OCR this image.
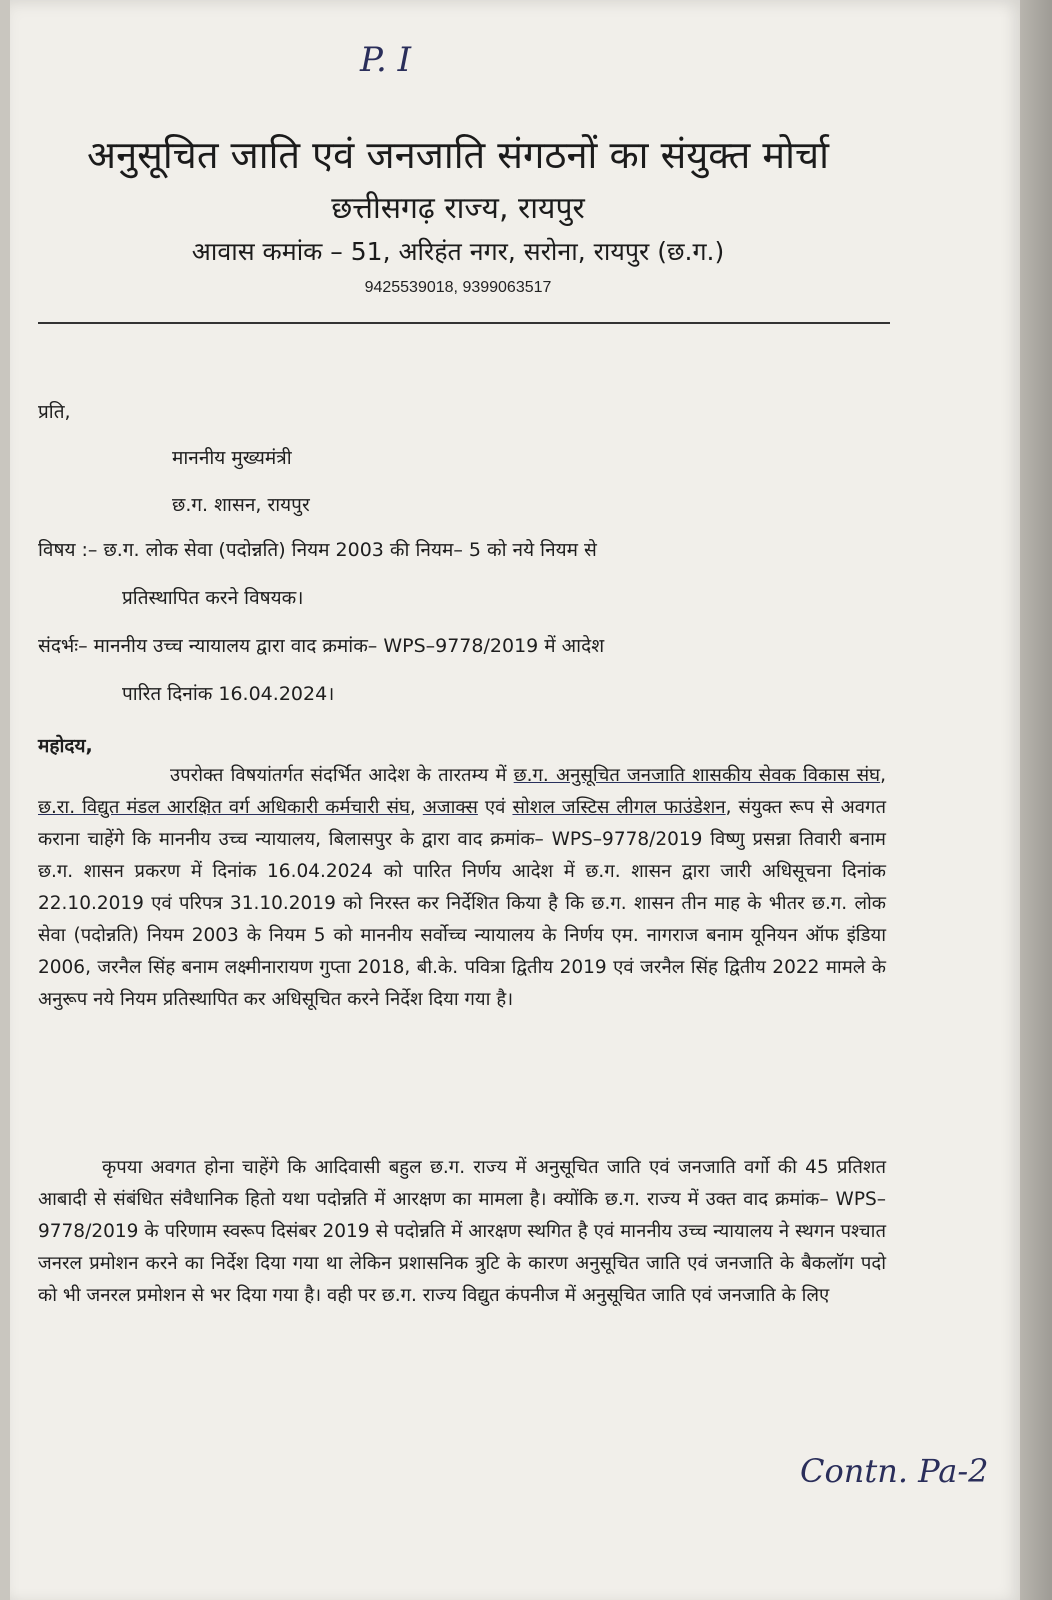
P. I
अनुसूचित जाति एवं जनजाति संगठनों का संयुक्त मोर्चा
छत्तीसगढ़ राज्य, रायपुर
आवास कमांक – 51, अरिहंत नगर, सरोना, रायपुर (छ.ग.)
9425539018, 9399063517
प्रति,
माननीय मुख्यमंत्री
छ.ग. शासन, रायपुर
विषय :– छ.ग. लोक सेवा (पदोन्नति) नियम 2003 की नियम– 5 को नये नियम से
प्रतिस्थापित करने विषयक।
संदर्भः– माननीय उच्च न्यायालय द्वारा वाद क्रमांक– WPS–9778/2019 में आदेश
पारित दिनांक 16.04.2024।
महोदय,
उपरोक्त विषयांतर्गत संदर्भित आदेश के तारतम्य में छ.ग. अनुसूचित जनजाति शासकीय सेवक विकास संघ, छ.रा. विद्युत मंडल आरक्षित वर्ग अधिकारी कर्मचारी संघ, अजाक्स एवं सोशल जस्टिस लीगल फाउंडेशन, संयुक्त रूप से अवगत कराना चाहेंगे कि माननीय उच्च न्यायालय, बिलासपुर के द्वारा वाद क्रमांक– WPS–9778/2019 विष्णु प्रसन्ना तिवारी बनाम छ.ग. शासन प्रकरण में दिनांक 16.04.2024 को पारित निर्णय आदेश में छ.ग. शासन द्वारा जारी अधिसूचना दिनांक 22.10.2019 एवं परिपत्र 31.10.2019 को निरस्त कर निर्देशित किया है कि छ.ग. शासन तीन माह के भीतर छ.ग. लोक सेवा (पदोन्नति) नियम 2003 के नियम 5 को माननीय सर्वोच्च न्यायालय के निर्णय एम. नागराज बनाम यूनियन ऑफ इंडिया 2006, जरनैल सिंह बनाम लक्ष्मीनारायण गुप्ता 2018, बी.के. पवित्रा द्वितीय 2019 एवं जरनैल सिंह द्वितीय 2022 मामले के अनुरूप नये नियम प्रतिस्थापित कर अधिसूचित करने निर्देश दिया गया है।
कृपया अवगत होना चाहेंगे कि आदिवासी बहुल छ.ग. राज्य में अनुसूचित जाति एवं जनजाति वर्गो की 45 प्रतिशत आबादी से संबंधित संवैधानिक हितो यथा पदोन्नति में आरक्षण का मामला है। क्योंकि छ.ग. राज्य में उक्त वाद क्रमांक– WPS–9778/2019 के परिणाम स्वरूप दिसंबर 2019 से पदोन्नति में आरक्षण स्थगित है एवं माननीय उच्च न्यायालय ने स्थगन पश्चात जनरल प्रमोशन करने का निर्देश दिया गया था लेकिन प्रशासनिक त्रुटि के कारण अनुसूचित जाति एवं जनजाति के बैकलॉग पदो को भी जनरल प्रमोशन से भर दिया गया है। वही पर छ.ग. राज्य विद्युत कंपनीज में अनुसूचित जाति एवं जनजाति के लिए
Contn. Pa-2
